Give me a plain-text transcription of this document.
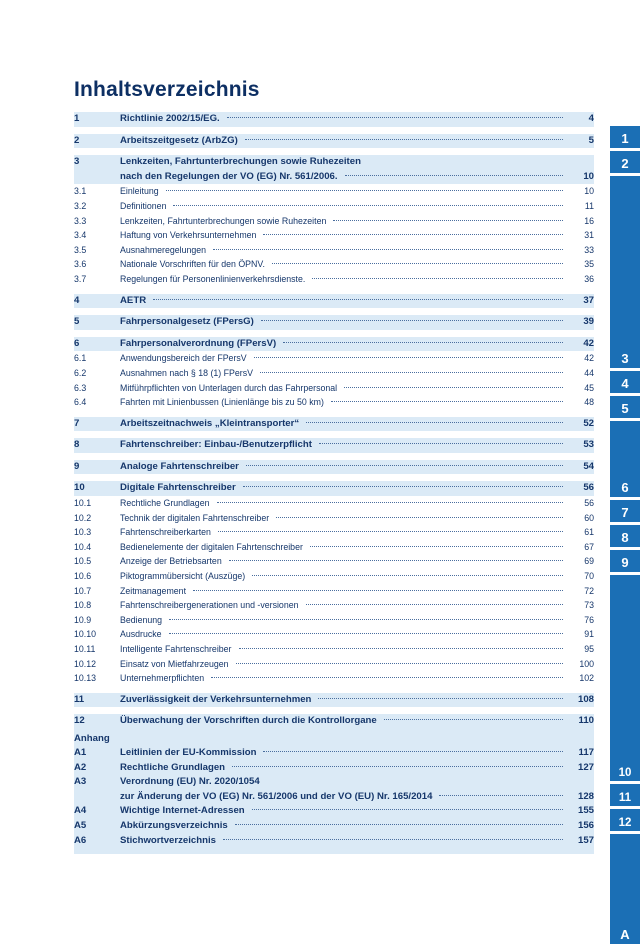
Inhaltsverzeichnis
1	Richtlinie 2002/15/EG.	4
2	Arbeitszeitgesetz (ArbZG)	5
3	Lenkzeiten, Fahrtunterbrechungen sowie Ruhezeiten
nach den Regelungen der VO (EG) Nr. 561/2006.	10
3.1	Einleitung	10
3.2	Definitionen	11
3.3	Lenkzeiten, Fahrtunterbrechungen sowie Ruhezeiten	16
3.4	Haftung von Verkehrsunternehmen	31
3.5	Ausnahmeregelungen	33
3.6	Nationale Vorschriften für den ÖPNV.	35
3.7	Regelungen für Personenlinienverkehrsdienste.	36
4	AETR	37
5	Fahrpersonalgesetz (FPersG)	39
6	Fahrpersonalverordnung (FPersV)	42
6.1	Anwendungsbereich der FPersV	42
6.2	Ausnahmen nach § 18 (1) FPersV	44
6.3	Mitführpflichten von Unterlagen durch das Fahrpersonal	45
6.4	Fahrten mit Linienbussen (Linienlänge bis zu 50 km)	48
7	Arbeitszeitnachweis „Kleintransporter“	52
8	Fahrtenschreiber: Einbau-/Benutzerpflicht	53
9	Analoge Fahrtenschreiber	54
10	Digitale Fahrtenschreiber	56
10.1	Rechtliche Grundlagen	56
10.2	Technik der digitalen Fahrtenschreiber	60
10.3	Fahrtenschreiberkarten	61
10.4	Bedienelemente der digitalen Fahrtenschreiber	67
10.5	Anzeige der Betriebsarten	69
10.6	Piktogrammübersicht (Auszüge)	70
10.7	Zeitmanagement	72
10.8	Fahrtenschreibergenerationen und -versionen	73
10.9	Bedienung	76
10.10	Ausdrucke	91
10.11	Intelligente Fahrtenschreiber	95
10.12	Einsatz von Mietfahrzeugen	100
10.13	Unternehmerpflichten	102
11	Zuverlässigkeit der Verkehrsunternehmen	108
12	Überwachung der Vorschriften durch die Kontrollorgane	110
Anhang
A1	Leitlinien der EU-Kommission	117
A2	Rechtliche Grundlagen	127
A3	Verordnung (EU) Nr. 2020/1054
zur Änderung der VO (EG) Nr. 561/2006 und der VO (EU) Nr. 165/2014	128
A4	Wichtige Internet-Adressen	155
A5	Abkürzungsverzeichnis	156
A6	Stichwortverzeichnis	157
1
2
3
4
5
6
7
8
9
10
11
12
A
